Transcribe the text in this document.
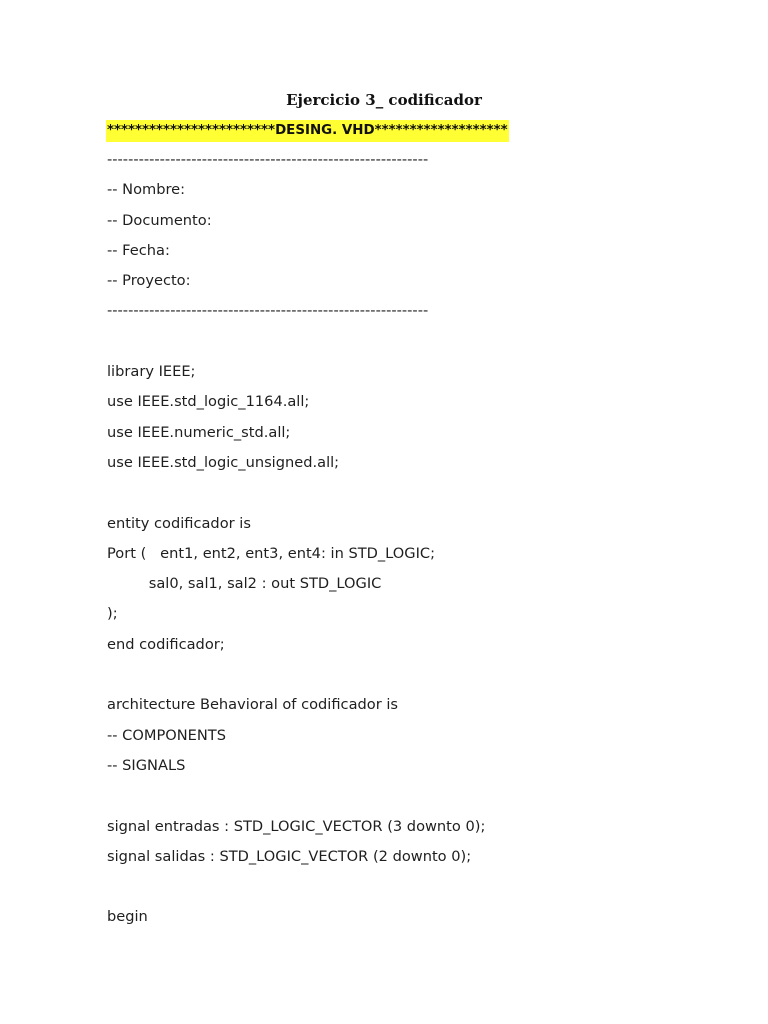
Ejercicio 3_ codificador
************************DESING. VHD*******************
-------------------------------------------------------------
-- Nombre:
-- Documento:
-- Fecha:
-- Proyecto:
-------------------------------------------------------------
library IEEE;
use IEEE.std_logic_1164.all;
use IEEE.numeric_std.all;
use IEEE.std_logic_unsigned.all;
entity codificador is
Port (   ent1, ent2, ent3, ent4: in STD_LOGIC;
sal0, sal1, sal2 : out STD_LOGIC
);
end codificador;
architecture Behavioral of codificador is
-- COMPONENTS
-- SIGNALS
signal entradas : STD_LOGIC_VECTOR (3 downto 0);
signal salidas : STD_LOGIC_VECTOR (2 downto 0);
begin
